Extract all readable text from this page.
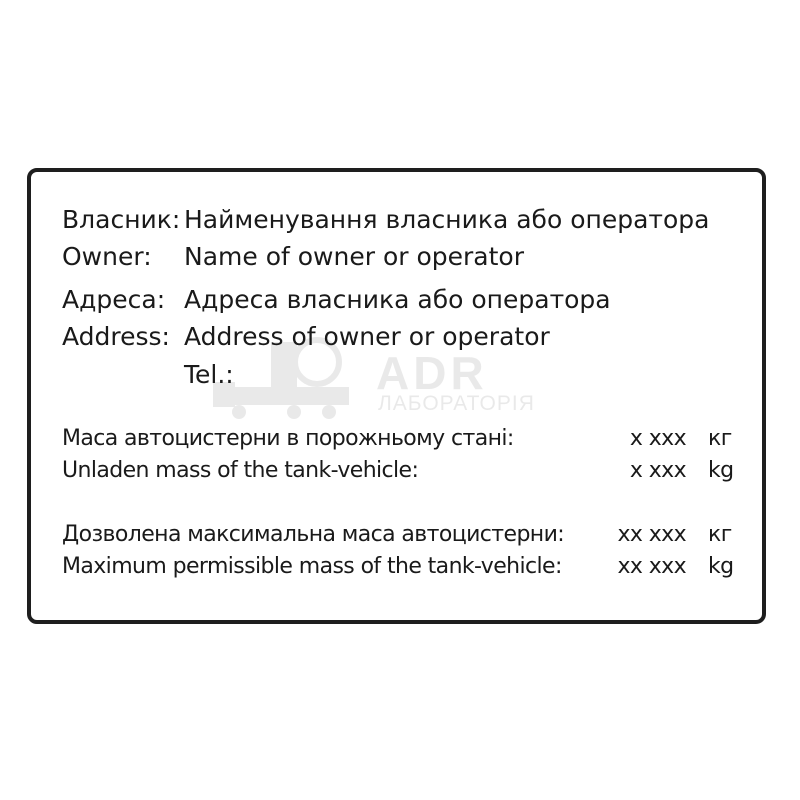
ADR
ЛАБОРАТОРІЯ
Власник: Найменування власника або оператора
Owner: Name of owner or operator
Адреса: Адреса власника або оператора
Address: Address of owner or operator
Tel.:
Маса автоцистерни в порожньому стані:	x xxx кг
Unladen mass of the tank-vehicle:	x xxx kg
Дозволена максимальна маса автоцистерни: xx xxx кг
Maximum permissible mass of the tank-vehicle:	xx xxx kg
